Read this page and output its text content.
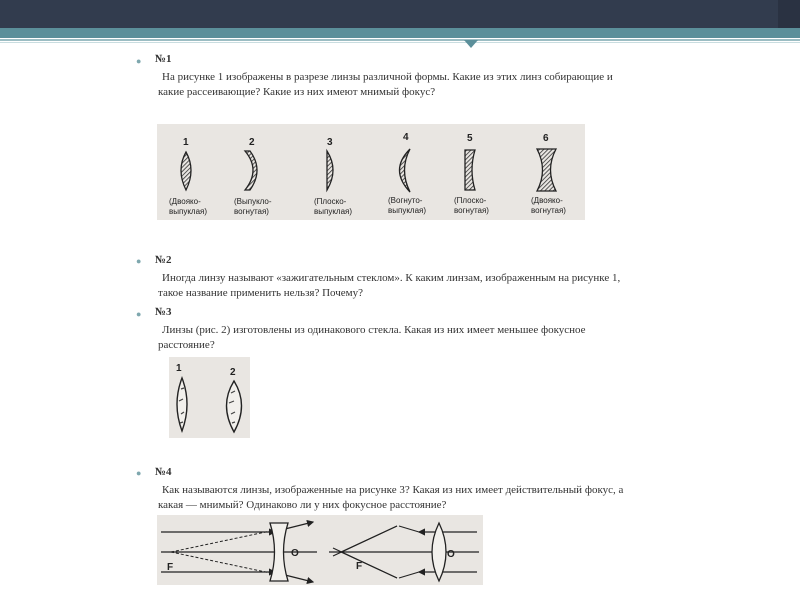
● №1
На рисунке 1 изображены в разрезе линзы различной формы. Какие из этих линз собирающие и какие рассеивающие? Какие из них имеют мнимый фокус?
1
(Двояко-
выпуклая)
2
(Выпукло-
вогнутая)
3
(Плоско-
выпуклая)
4
(Вогнуто-
выпуклая)
5
(Плоско-
вогнутая)
6
(Двояко-
вогнутая)
● №2
Иногда линзу называют «зажигательным стеклом». К каким линзам, изображенным на рисунке 1, такое название применить нельзя? Почему?
● №3
Линзы (рис. 2) изготовлены из одинакового стекла. Какая из них имеет меньшее фокусное расстояние?
1	2
● №4
Как называются линзы, изображенные на рисунке 3? Какая из них имеет действительный фокус, а какая — мнимый? Одинаково ли у них фокусное расстояние?
F
O
F
O
